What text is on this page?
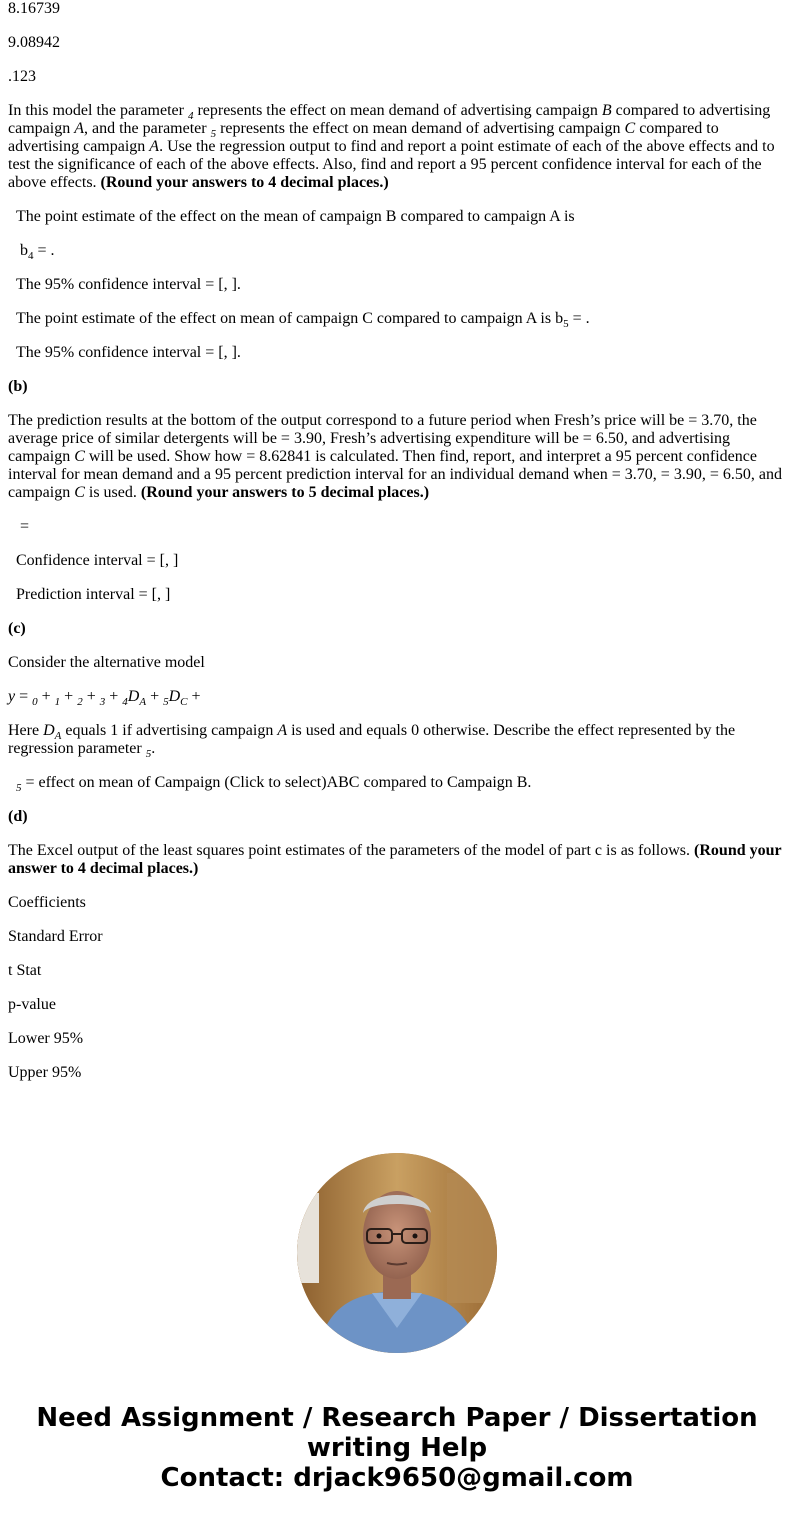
8.16739

9.08942

.123

In this model the parameter $_4$ represents the effect on mean demand of advertising campaign B compared to advertising campaign A, and the parameter $_5$ represents the effect on mean demand of advertising campaign C compared to advertising campaign A. Use the regression output to find and report a point estimate of each of the above effects and to test the significance of each of the above effects. Also, find and report a 95 percent confidence interval for each of the above effects. (Round your answers to 4 decimal places.)

The point estimate of the effect on the mean of campaign B compared to campaign A is

$b_4$ = .

The 95% confidence interval = [, ].

The point estimate of the effect on mean of campaign C compared to campaign A is $b_5$ = .

The 95% confidence interval = [, ].

(b)

The prediction results at the bottom of the output correspond to a future period when Fresh’s price will be = 3.70, the average price of similar detergents will be = 3.90, Fresh’s advertising expenditure will be = 6.50, and advertising campaign C will be used. Show how = 8.62841 is calculated. Then find, report, and interpret a 95 percent confidence interval for mean demand and a 95 percent prediction interval for an individual demand when = 3.70, = 3.90, = 6.50, and campaign C is used. (Round your answers to 5 decimal places.)

=

Confidence interval = [, ]

Prediction interval = [, ]

(c)

Consider the alternative model

$y = _0 + _1 + _2 + _3 + _4D_A + _5D_C$ +

Here $D_A$ equals 1 if advertising campaign A is used and equals 0 otherwise. Describe the effect represented by the regression parameter $_5$.

$_5$ = effect on mean of Campaign (Click to select)ABC compared to Campaign B.

(d)

The Excel output of the least squares point estimates of the parameters of the model of part c is as follows. (Round your answer to 4 decimal places.)

Coefficients

Standard Error

t Stat

p-value

Lower 95%

Upper 95%

Need Assignment / Research Paper / Dissertation
writing Help
Contact: drjack9650@gmail.com
